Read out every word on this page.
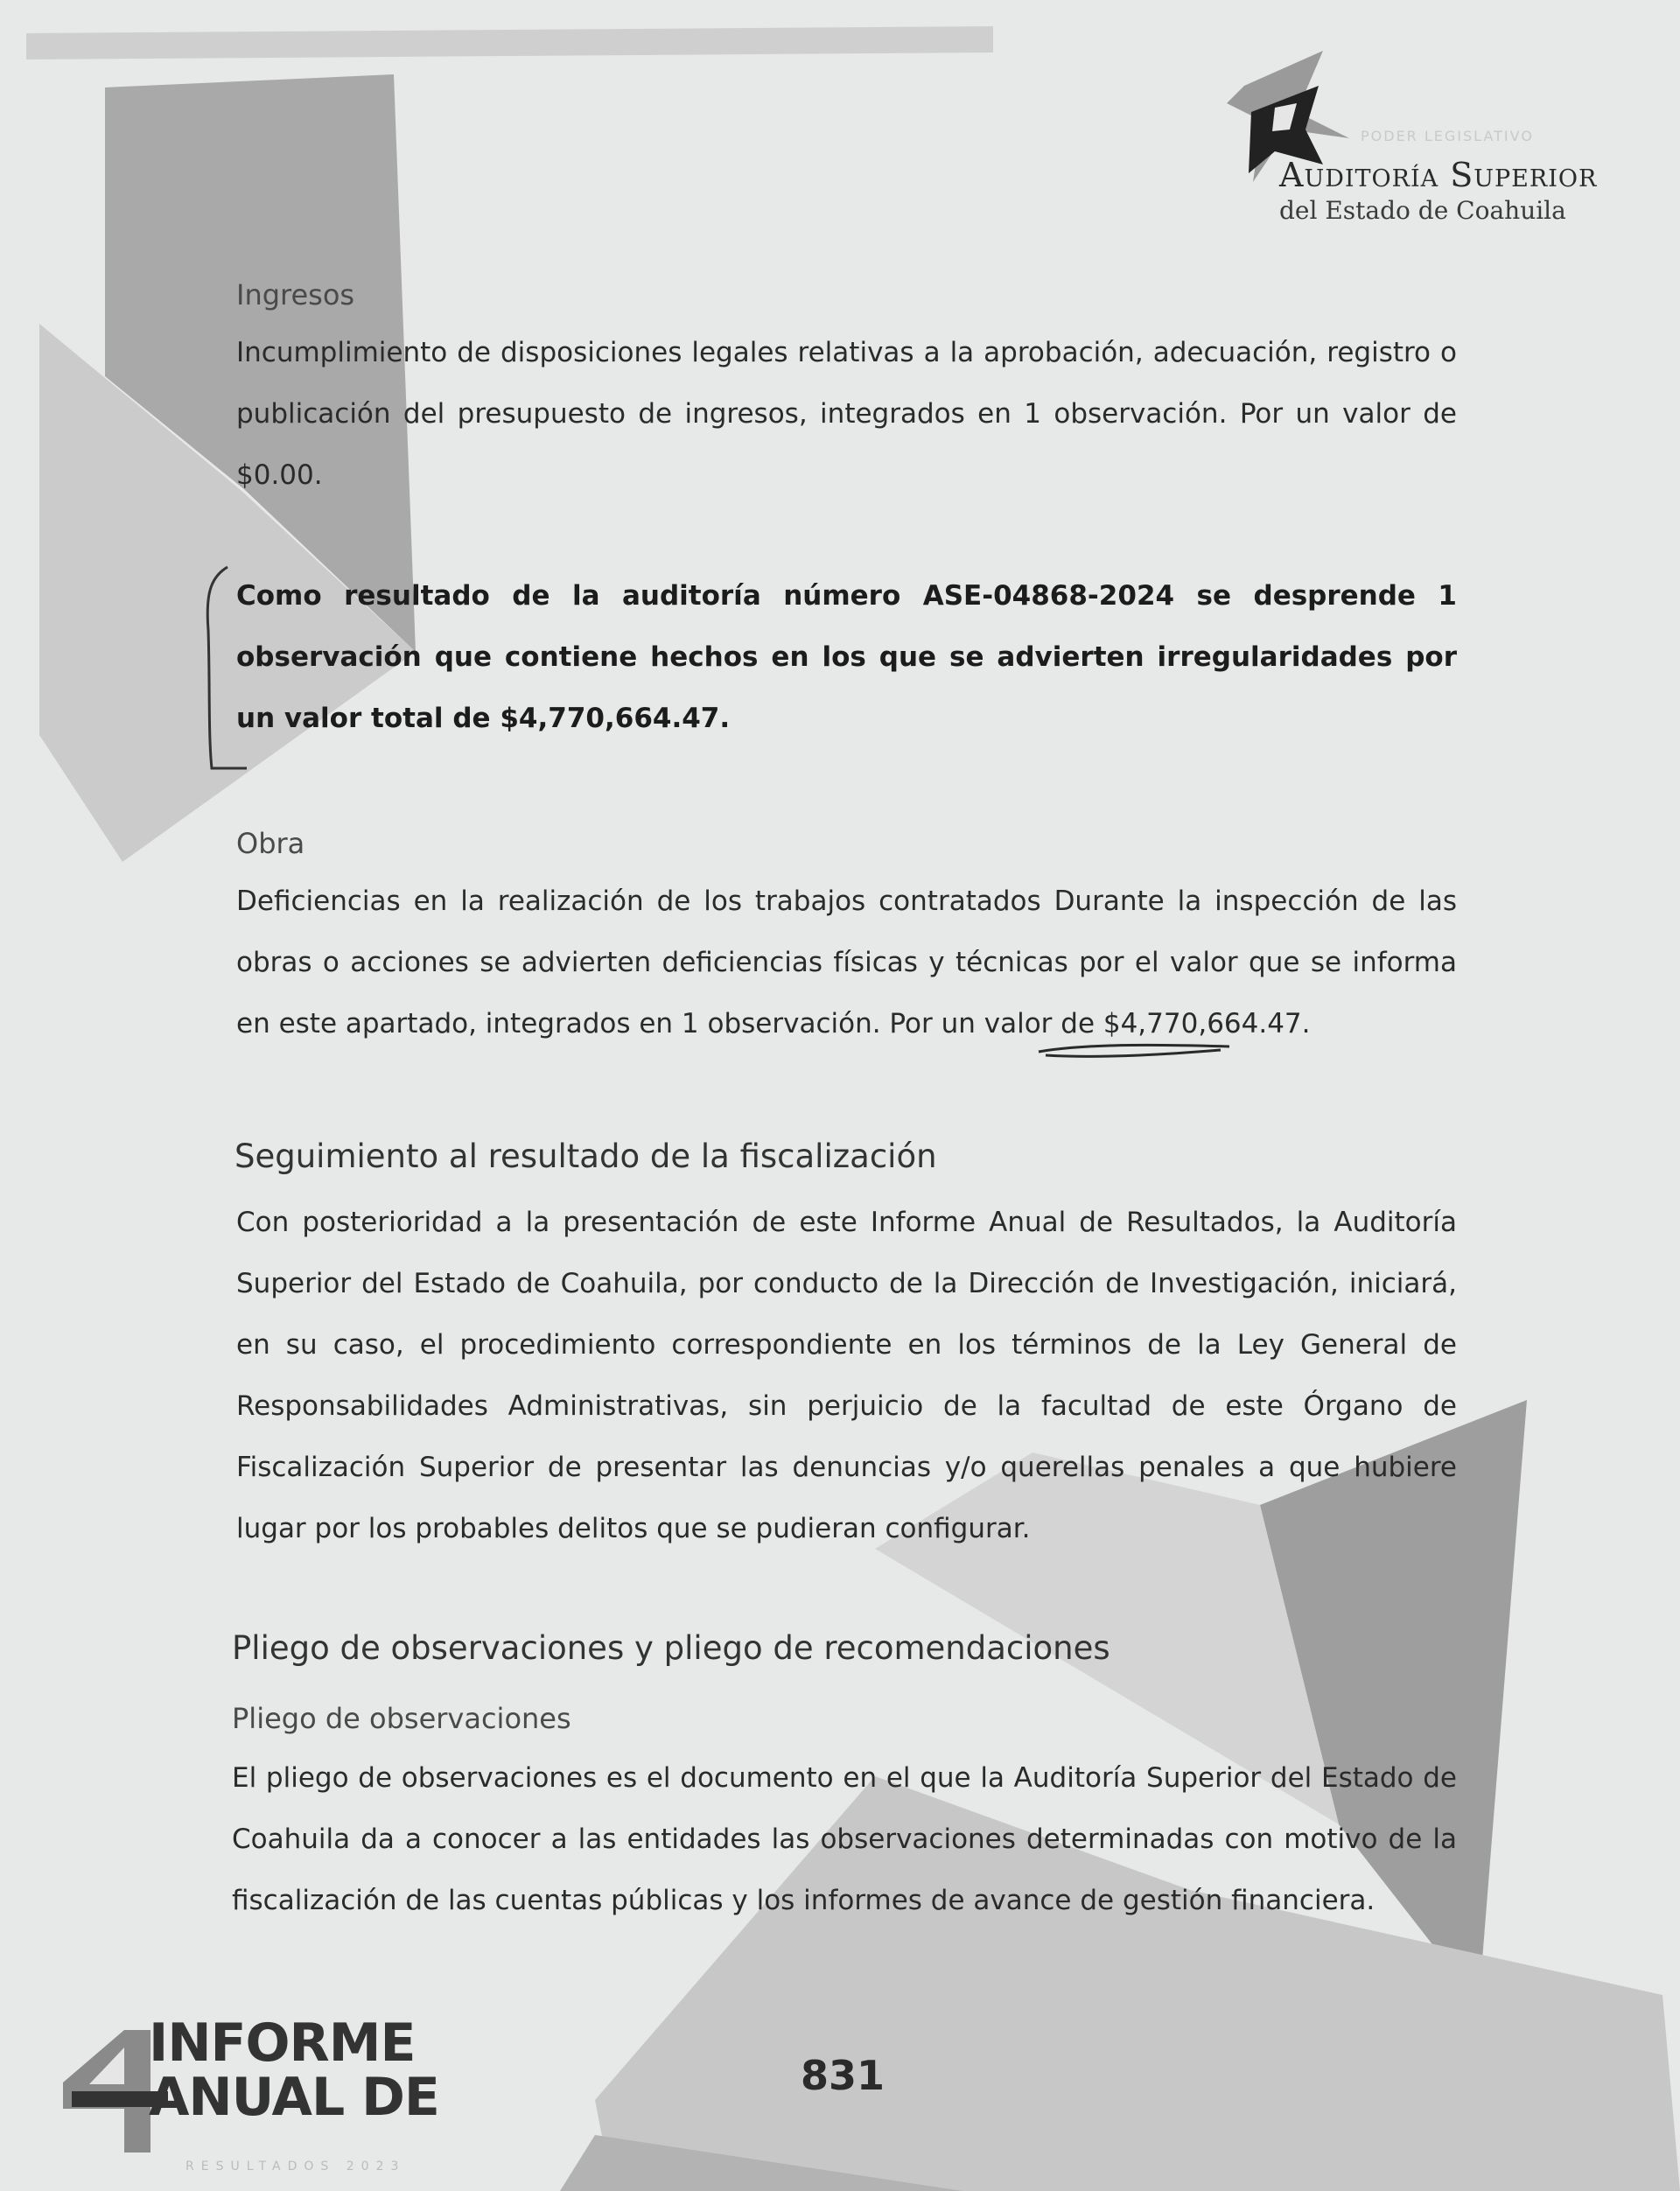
PODER LEGISLATIVO
Auditoría Superior
del Estado de Coahuila
Ingresos
Incumplimiento de disposiciones legales relativas a la aprobación, adecuación, registro o publicación del presupuesto de ingresos, integrados en 1 observación. Por un valor de $0.00.
Como resultado de la auditoría número ASE-04868-2024 se desprende 1 observación que contiene hechos en los que se advierten irregularidades por un valor total de $4,770,664.47.
Obra
Deficiencias en la realización de los trabajos contratados Durante la inspección de las obras o acciones se advierten deficiencias físicas y técnicas por el valor que se informa en este apartado, integrados en 1 observación. Por un valor de $4,770,664.47.
Seguimiento al resultado de la fiscalización
Con posterioridad a la presentación de este Informe Anual de Resultados, la Auditoría Superior del Estado de Coahuila, por conducto de la Dirección de Investigación, iniciará, en su caso, el procedimiento correspondiente en los términos de la Ley General de Responsabilidades Administrativas, sin perjuicio de la facultad de este Órgano de Fiscalización Superior de presentar las denuncias y/o querellas penales a que hubiere lugar por los probables delitos que se pudieran configurar.
Pliego de observaciones y pliego de recomendaciones
Pliego de observaciones
El pliego de observaciones es el documento en el que la Auditoría Superior del Estado de Coahuila da a conocer a las entidades las observaciones determinadas con motivo de la fiscalización de las cuentas públicas y los informes de avance de gestión financiera.
INFORME
ANUAL DE
RESULTADOS 2023
831
